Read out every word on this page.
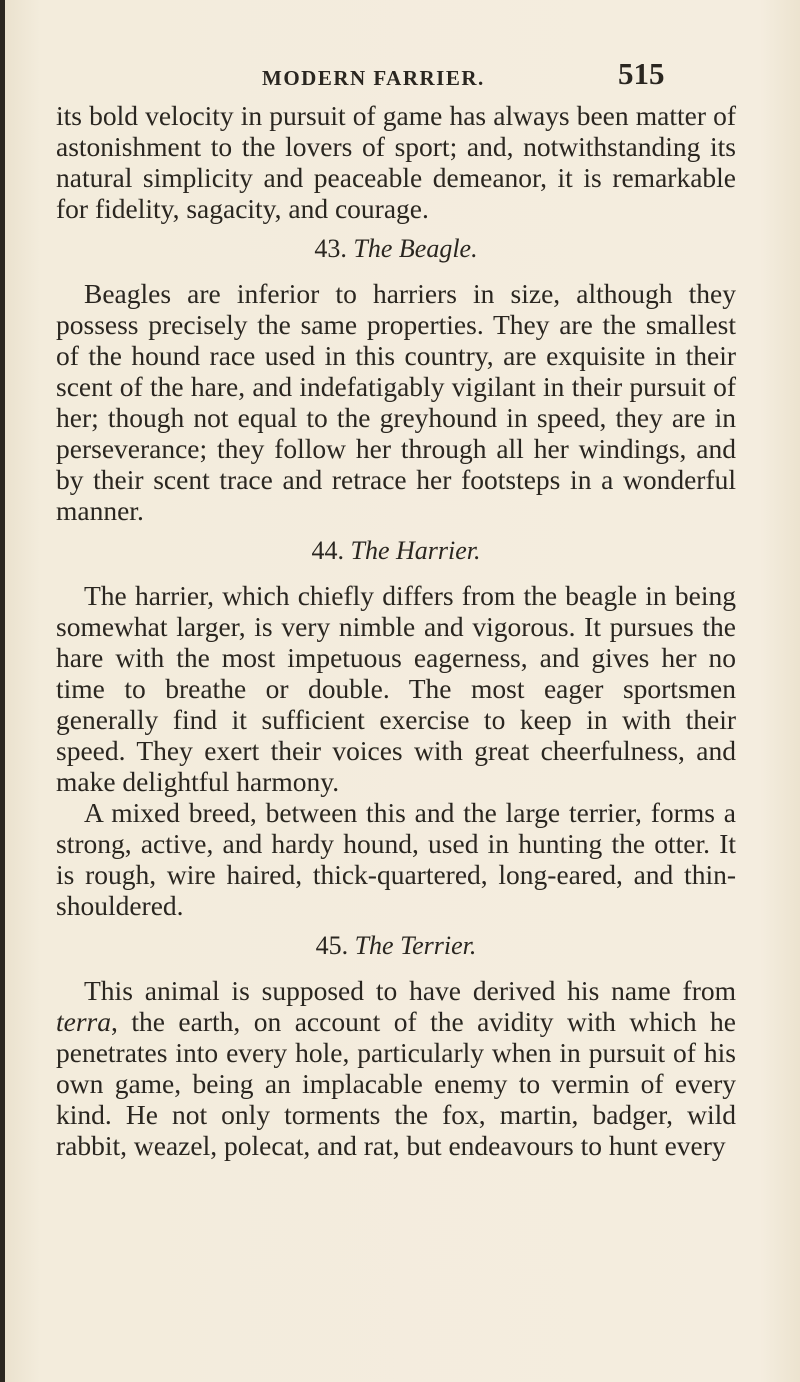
MODERN FARRIER.	515

its bold velocity in pursuit of game has always been matter of astonishment to the lovers of sport; and, notwithstanding its natural simplicity and peaceable demeanor, it is remarkable for fidelity, sagacity, and courage.

43. The Beagle.

Beagles are inferior to harriers in size, although they possess precisely the same properties. They are the smallest of the hound race used in this country, are exquisite in their scent of the hare, and indefatigably vigilant in their pursuit of her; though not equal to the greyhound in speed, they are in perseverance; they follow her through all her windings, and by their scent trace and retrace her footsteps in a wonderful manner.

44. The Harrier.

The harrier, which chiefly differs from the beagle in being somewhat larger, is very nimble and vigorous. It pursues the hare with the most impetuous eagerness, and gives her no time to breathe or double. The most eager sportsmen generally find it sufficient exercise to keep in with their speed. They exert their voices with great cheerfulness, and make delightful harmony.

A mixed breed, between this and the large terrier, forms a strong, active, and hardy hound, used in hunting the otter. It is rough, wire haired, thick-quartered, long-eared, and thin-shouldered.

45. The Terrier.

This animal is supposed to have derived his name from terra, the earth, on account of the avidity with which he penetrates into every hole, particularly when in pursuit of his own game, being an implacable enemy to vermin of every kind. He not only torments the fox, martin, badger, wild rabbit, weazel, polecat, and rat, but endeavours to hunt every
